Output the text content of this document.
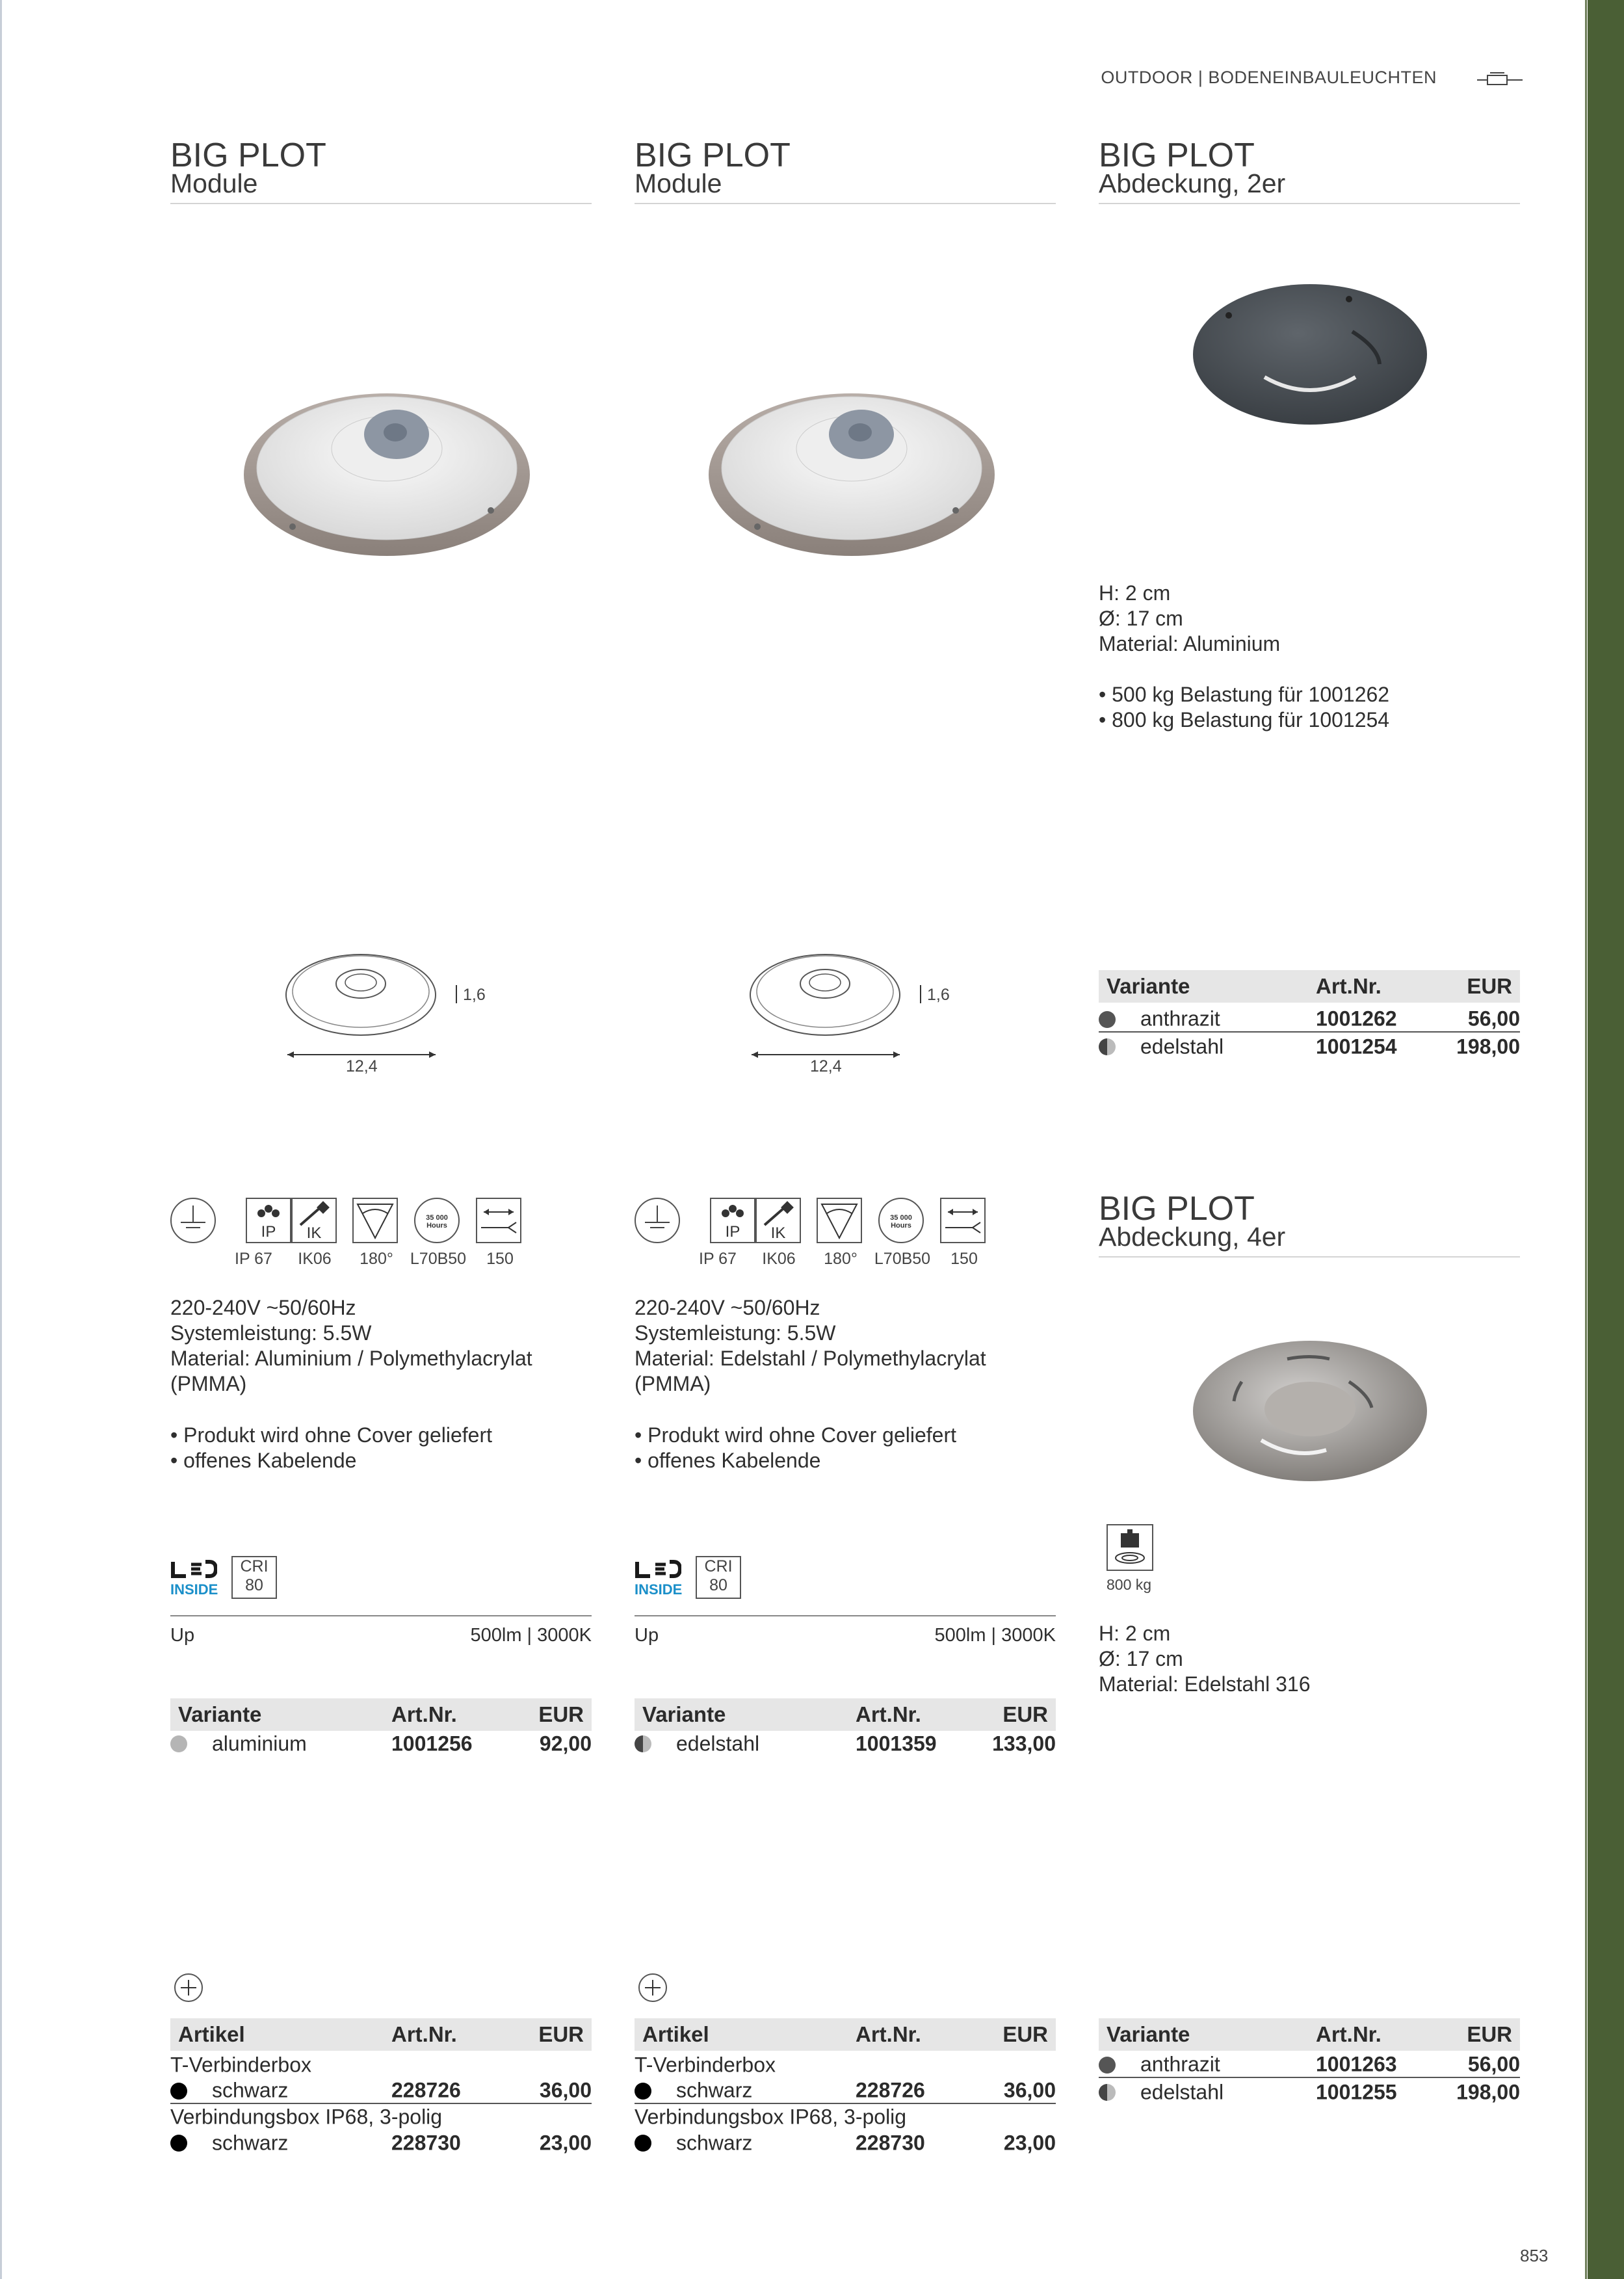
OUTDOOR | BODENEINBAULEUCHTEN
BIG PLOT
Module
1,6
12,4
IP IK
35 000
Hours
IP 67	IK06	180°	L70B50	150
220-240V ~50/60Hz
Systemleistung: 5.5W
Material: Aluminium / Polymethylacrylat
(PMMA)
• Produkt wird ohne Cover geliefert
• offenes Kabelende
INSIDE
CRI
80
Up	500lm | 3000K
Variante	Art.Nr.	EUR
aluminium	1001256	92,00
Artikel	Art.Nr.	EUR
T-Verbinderbox
schwarz	228726	36,00
Verbindungsbox IP68, 3-polig
schwarz	228730	23,00
BIG PLOT
Module
1,6
12,4
IP IK
35 000
Hours
IP 67	IK06	180°	L70B50	150
220-240V ~50/60Hz
Systemleistung: 5.5W
Material: Edelstahl / Polymethylacrylat
(PMMA)
• Produkt wird ohne Cover geliefert
• offenes Kabelende
INSIDE
CRI
80
Up	500lm | 3000K
Variante	Art.Nr.	EUR
edelstahl	1001359	133,00
Artikel	Art.Nr.	EUR
T-Verbinderbox
schwarz	228726	36,00
Verbindungsbox IP68, 3-polig
schwarz	228730	23,00
BIG PLOT
Abdeckung, 2er
H: 2 cm
Ø: 17 cm
Material: Aluminium
• 500 kg Belastung für 1001262
• 800 kg Belastung für 1001254
Variante	Art.Nr.	EUR
anthrazit	1001262	56,00
edelstahl	1001254	198,00
BIG PLOT
Abdeckung, 4er
800 kg
H: 2 cm
Ø: 17 cm
Material: Edelstahl 316
Variante	Art.Nr.	EUR
anthrazit	1001263	56,00
edelstahl	1001255	198,00
853
